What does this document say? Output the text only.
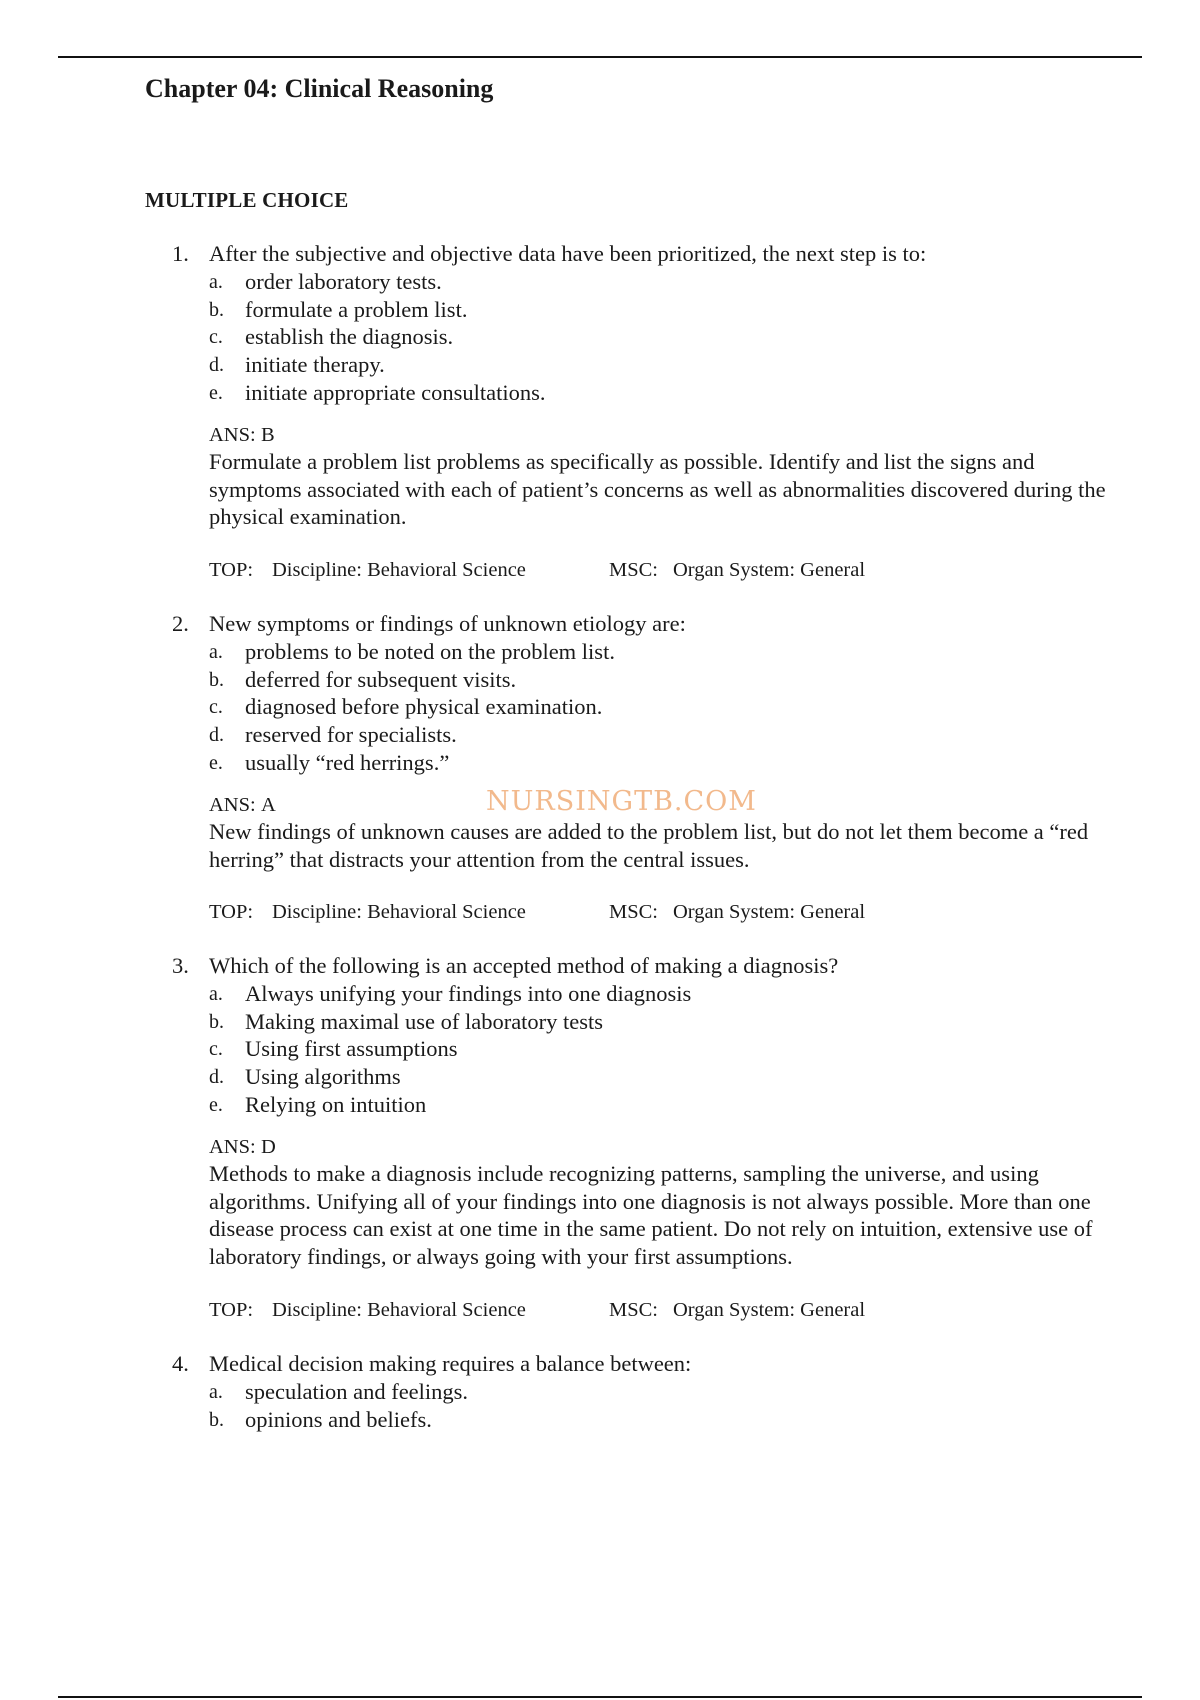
Chapter 04: Clinical Reasoning
MULTIPLE CHOICE
1. After the subjective and objective data have been prioritized, the next step is to:
a. order laboratory tests.
b. formulate a problem list.
c. establish the diagnosis.
d. initiate therapy.
e. initiate appropriate consultations.
ANS: B
Formulate a problem list problems as specifically as possible. Identify and list the signs and symptoms associated with each of patient’s concerns as well as abnormalities discovered during the physical examination.
TOP: Discipline: Behavioral Science	MSC: Organ System: General
2. New symptoms or findings of unknown etiology are:
a. problems to be noted on the problem list.
b. deferred for subsequent visits.
c. diagnosed before physical examination.
d. reserved for specialists.
e. usually “red herrings.”
ANS: A	NURSINGTB.COM
New findings of unknown causes are added to the problem list, but do not let them become a “red herring” that distracts your attention from the central issues.
TOP: Discipline: Behavioral Science	MSC: Organ System: General
3. Which of the following is an accepted method of making a diagnosis?
a. Always unifying your findings into one diagnosis
b. Making maximal use of laboratory tests
c. Using first assumptions
d. Using algorithms
e. Relying on intuition
ANS: D
Methods to make a diagnosis include recognizing patterns, sampling the universe, and using algorithms. Unifying all of your findings into one diagnosis is not always possible. More than one disease process can exist at one time in the same patient. Do not rely on intuition, extensive use of laboratory findings, or always going with your first assumptions.
TOP: Discipline: Behavioral Science	MSC: Organ System: General
4. Medical decision making requires a balance between:
a. speculation and feelings.
b. opinions and beliefs.
